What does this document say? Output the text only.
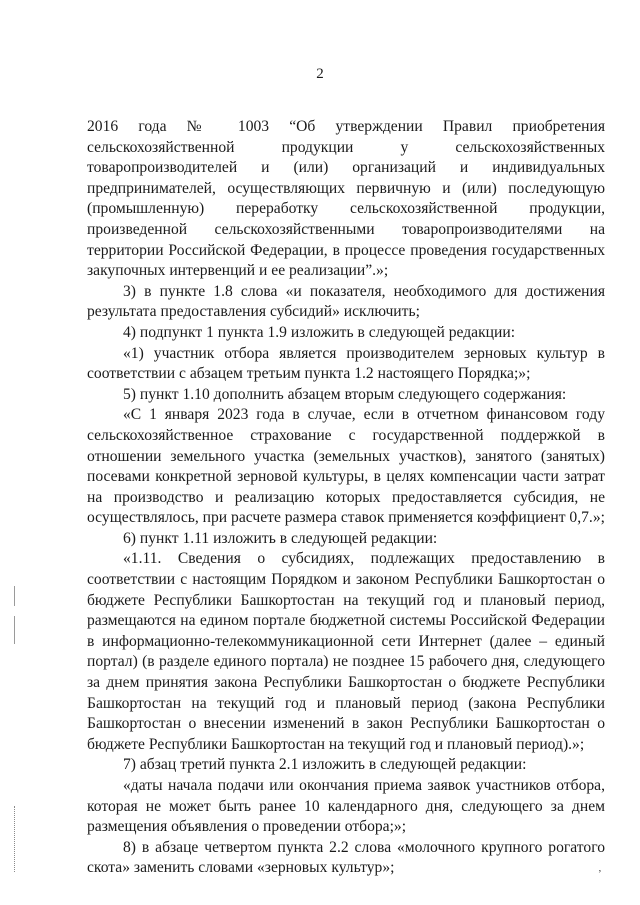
2

2016 года № 1003 “Об утверждении Правил приобретения сельскохозяйственной продукции у сельскохозяйственных товаропроизводителей и (или) организаций и индивидуальных предпринимателей, осуществляющих первичную и (или) последующую (промышленную) переработку сельскохозяйственной продукции, произведенной сельскохозяйственными товаропроизводителями на территории Российской Федерации, в процессе проведения государственных закупочных интервенций и ее реализации”.»;

3) в пункте 1.8 слова «и показателя, необходимого для достижения результата предоставления субсидий» исключить;

4) подпункт 1 пункта 1.9 изложить в следующей редакции:

«1) участник отбора является производителем зерновых культур в соответствии с абзацем третьим пункта 1.2 настоящего Порядка;»;

5) пункт 1.10 дополнить абзацем вторым следующего содержания:

«С 1 января 2023 года в случае, если в отчетном финансовом году сельскохозяйственное страхование с государственной поддержкой в отношении земельного участка (земельных участков), занятого (занятых) посевами конкретной зерновой культуры, в целях компенсации части затрат на производство и реализацию которых предоставляется субсидия, не осуществлялось, при расчете размера ставок применяется коэффициент 0,7.»;

6) пункт 1.11 изложить в следующей редакции:

«1.11. Сведения о субсидиях, подлежащих предоставлению в соответствии с настоящим Порядком и законом Республики Башкортостан о бюджете Республики Башкортостан на текущий год и плановый период, размещаются на едином портале бюджетной системы Российской Федерации в информационно-телекоммуникационной сети Интернет (далее – единый портал) (в разделе единого портала) не позднее 15 рабочего дня, следующего за днем принятия закона Республики Башкортостан о бюджете Республики Башкортостан на текущий год и плановый период (закона Республики Башкортостан о внесении изменений в закон Республики Башкортостан о бюджете Республики Башкортостан на текущий год и плановый период).»;

7) абзац третий пункта 2.1 изложить в следующей редакции:

«даты начала подачи или окончания приема заявок участников отбора, которая не может быть ранее 10 календарного дня, следующего за днем размещения объявления о проведении отбора;»;

8) в абзаце четвертом пункта 2.2 слова «молочного крупного рогатого скота» заменить словами «зерновых культур»;	‚
